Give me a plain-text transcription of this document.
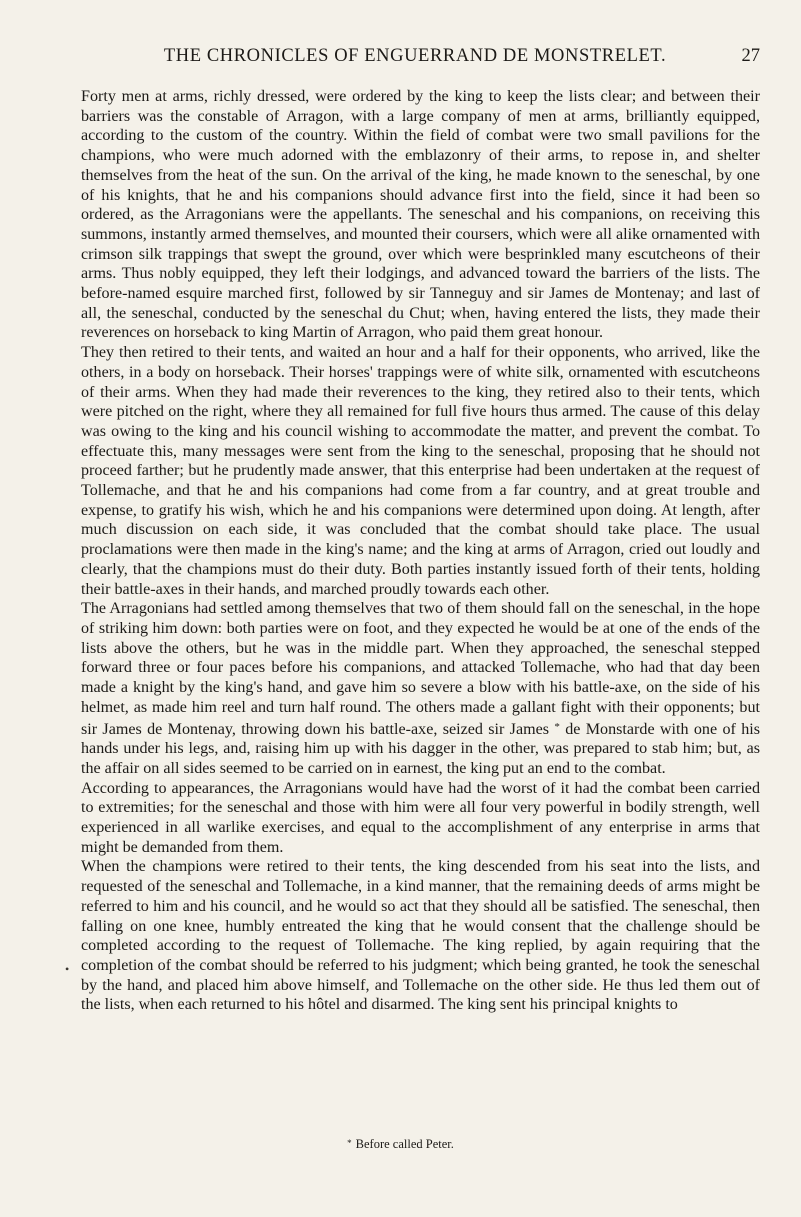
THE CHRONICLES OF ENGUERRAND DE MONSTRELET.	27

Forty men at arms, richly dressed, were ordered by the king to keep the lists clear; and between their barriers was the constable of Arragon, with a large company of men at arms, brilliantly equipped, according to the custom of the country. Within the field of combat were two small pavilions for the champions, who were much adorned with the emblazonry of their arms, to repose in, and shelter themselves from the heat of the sun. On the arrival of the king, he made known to the seneschal, by one of his knights, that he and his companions should advance first into the field, since it had been so ordered, as the Arragonians were the appellants. The seneschal and his companions, on receiving this summons, instantly armed themselves, and mounted their coursers, which were all alike ornamented with crimson silk trappings that swept the ground, over which were besprinkled many escutcheons of their arms. Thus nobly equipped, they left their lodgings, and advanced toward the barriers of the lists. The before-named esquire marched first, followed by sir Tanneguy and sir James de Montenay; and last of all, the seneschal, conducted by the seneschal du Chut; when, having entered the lists, they made their reverences on horseback to king Martin of Arragon, who paid them great honour.

They then retired to their tents, and waited an hour and a half for their opponents, who arrived, like the others, in a body on horseback. Their horses' trappings were of white silk, ornamented with escutcheons of their arms. When they had made their reverences to the king, they retired also to their tents, which were pitched on the right, where they all remained for full five hours thus armed. The cause of this delay was owing to the king and his council wishing to accommodate the matter, and prevent the combat. To effectuate this, many messages were sent from the king to the seneschal, proposing that he should not proceed farther; but he prudently made answer, that this enterprise had been undertaken at the request of Tollemache, and that he and his companions had come from a far country, and at great trouble and expense, to gratify his wish, which he and his companions were determined upon doing. At length, after much discussion on each side, it was concluded that the combat should take place. The usual proclamations were then made in the king's name; and the king at arms of Arragon, cried out loudly and clearly, that the champions must do their duty. Both parties instantly issued forth of their tents, holding their battle-axes in their hands, and marched proudly towards each other.

The Arragonians had settled among themselves that two of them should fall on the seneschal, in the hope of striking him down: both parties were on foot, and they expected he would be at one of the ends of the lists above the others, but he was in the middle part. When they approached, the seneschal stepped forward three or four paces before his companions, and attacked Tollemache, who had that day been made a knight by the king's hand, and gave him so severe a blow with his battle-axe, on the side of his helmet, as made him reel and turn half round. The others made a gallant fight with their opponents; but sir James de Montenay, throwing down his battle-axe, seized sir James * de Monstarde with one of his hands under his legs, and, raising him up with his dagger in the other, was prepared to stab him; but, as the affair on all sides seemed to be carried on in earnest, the king put an end to the combat.

According to appearances, the Arragonians would have had the worst of it had the combat been carried to extremities; for the seneschal and those with him were all four very powerful in bodily strength, well experienced in all warlike exercises, and equal to the accomplishment of any enterprise in arms that might be demanded from them.

When the champions were retired to their tents, the king descended from his seat into the lists, and requested of the seneschal and Tollemache, in a kind manner, that the remaining deeds of arms might be referred to him and his council, and he would so act that they should all be satisfied. The seneschal, then falling on one knee, humbly entreated the king that he would consent that the challenge should be completed according to the request of Tollemache. The king replied, by again requiring that the completion of the combat should be referred to his judgment; which being granted, he took the seneschal by the hand, and placed him above himself, and Tollemache on the other side. He thus led them out of the lists, when each returned to his hôtel and disarmed. The king sent his principal knights to

•
* Before called Peter.
